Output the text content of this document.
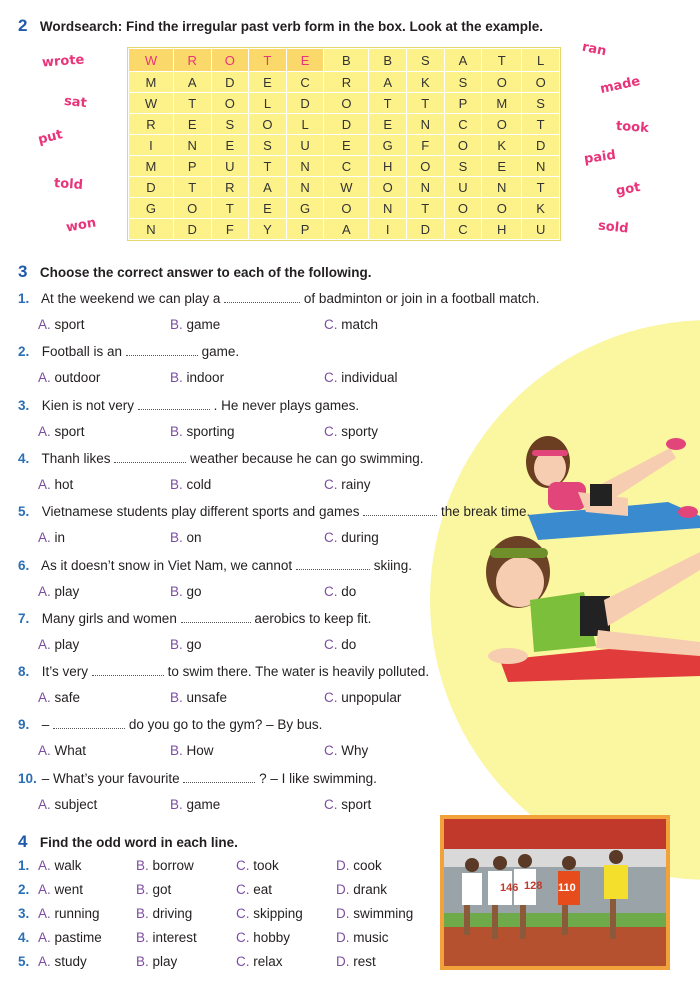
2 Wordsearch: Find the irregular past verb form in the box. Look at the example.
wrote
sat
put
told
won
ran
made
took
paid
got
sold
W	R	O	T	E	B	B	S	A	T	L
M	A	D	E	C	R	A	K	S	O	O
W	T	O	L	D	O	T	T	P	M	S
R	E	S	O	L	D	E	N	C	O	T
I	N	E	S	U	E	G	F	O	K	D
M	P	U	T	N	C	H	O	S	E	N
D	T	R	A	N	W	O	N	U	N	T
G	O	T	E	G	O	N	T	O	O	K
N	D	F	Y	P	A	I	D	C	H	U
3 Choose the correct answer to each of the following.
1. At the weekend we can play a	of badminton or join in a football match.
A. sport	B. game	C. match
2. Football is an	game.
A. outdoor	B. indoor	C. individual
3. Kien is not very	. He never plays games.
A. sport	B. sporting	C. sporty
4. Thanh likes	weather because he can go swimming.
A. hot	B. cold	C. rainy
5. Vietnamese students play different sports and games	the break time.
A. in	B. on	C. during
6. As it doesn’t snow in Viet Nam, we cannot	skiing.
A. play	B. go	C. do
7. Many girls and women	aerobics to keep fit.
A. play	B. go	C. do
8. It’s very	to swim there. The water is heavily polluted.
A. safe	B. unsafe	C. unpopular
9. –	do you go to the gym? – By bus.
A. What	B. How	C. Why
10. – What’s your favourite	? – I like swimming.
A. subject	B. game	C. sport
4 Find the odd word in each line.
1. A. walk	B. borrow	C. took	D. cook
2. A. went	B. got	C. eat	D. drank
3. A. running	B. driving	C. skipping D. swimming
4. A. pastime	B. interest	C. hobby	D. music
5. A. study	B. play	C. relax	D. rest
146 128 110
